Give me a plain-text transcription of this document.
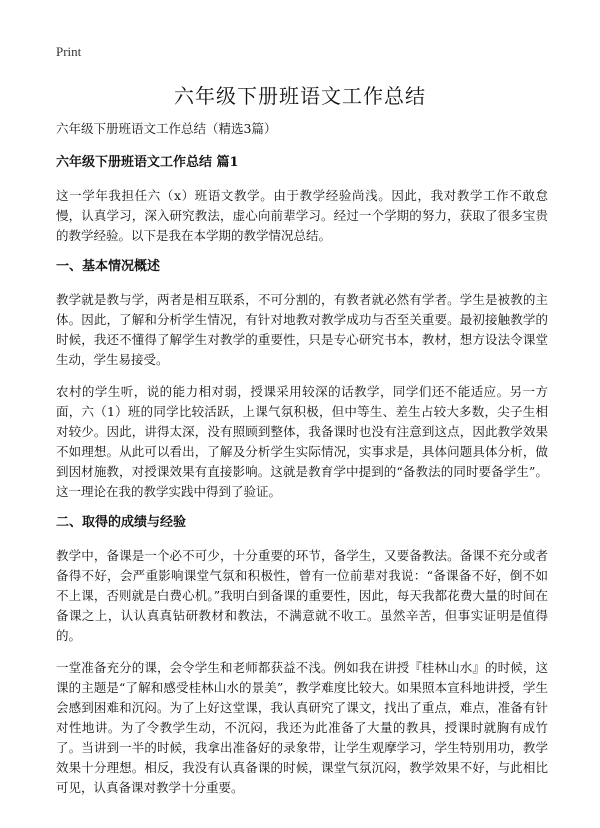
Print
六年级下册班语文工作总结
六年级下册班语文工作总结（精选3篇）
六年级下册班语文工作总结 篇1

这一学年我担任六（x）班语文教学。由于教学经验尚浅。因此，我对教学工作不敢怠慢，认真学习，深入研究教法，虚心向前辈学习。经过一个学期的努力，获取了很多宝贵的教学经验。以下是我在本学期的教学情况总结。

一、基本情况概述

教学就是教与学，两者是相互联系，不可分割的，有教者就必然有学者。学生是被教的主体。因此，了解和分析学生情况，有针对地教对教学成功与否至关重要。最初接触教学的时候，我还不懂得了解学生对教学的重要性，只是专心研究书本，教材，想方设法令课堂生动，学生易接受。

农村的学生听，说的能力相对弱，授课采用较深的话教学，同学们还不能适应。另一方面，六（1）班的同学比较活跃，上课气氛积极，但中等生、差生占较大多数，尖子生相对较少。因此，讲得太深，没有照顾到整体，我备课时也没有注意到这点，因此教学效果不如理想。从此可以看出，了解及分析学生实际情况，实事求是，具体问题具体分析，做到因材施教，对授课效果有直接影响。这就是教育学中提到的“备教法的同时要备学生”。这一理论在我的教学实践中得到了验证。

二、取得的成绩与经验

教学中，备课是一个必不可少，十分重要的环节，备学生，又要备教法。备课不充分或者备得不好，会严重影响课堂气氛和积极性，曾有一位前辈对我说：“备课备不好，倒不如不上课，否则就是白费心机。”我明白到备课的重要性，因此，每天我都花费大量的时间在备课之上，认认真真钻研教材和教法，不满意就不收工。虽然辛苦，但事实证明是值得的。

一堂准备充分的课，会令学生和老师都获益不浅。例如我在讲授『桂林山水』的时候，这课的主题是“了解和感受桂林山水的景美”，教学难度比较大。如果照本宣科地讲授，学生会感到困难和沉闷。为了上好这堂课，我认真研究了课文，找出了重点，难点，准备有针对性地讲。为了令教学生动，不沉闷，我还为此准备了大量的教具，授课时就胸有成竹了。当讲到一半的时候，我拿出准备好的录象带，让学生观摩学习，学生特别用功，教学效果十分理想。相反，我没有认真备课的时候，课堂气氛沉闷，教学效果不好，与此相比可见，认真备课对教学十分重要。
